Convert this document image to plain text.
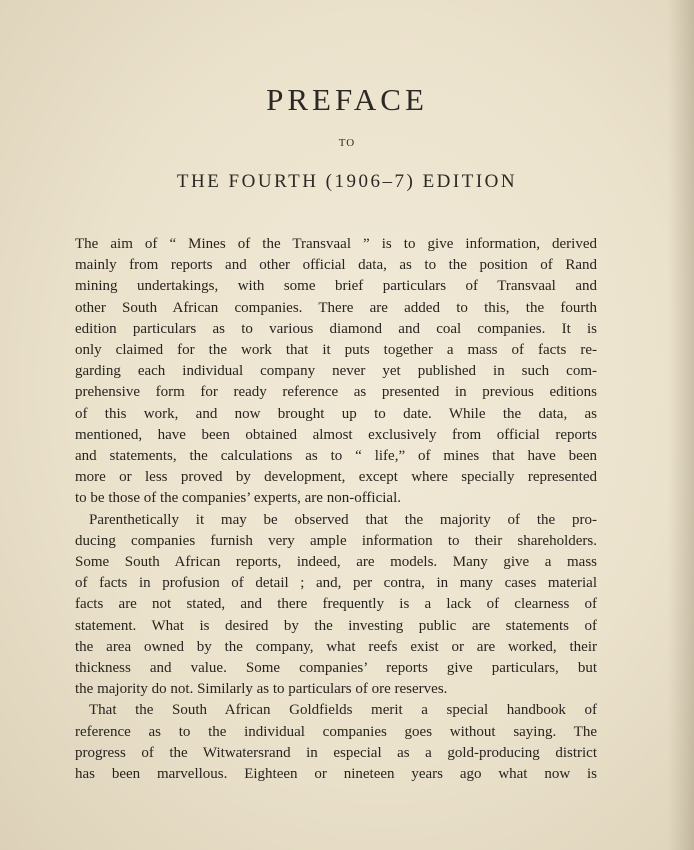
PREFACE
TO
THE FOURTH (1906–7) EDITION
The aim of “ Mines of the Transvaal ” is to give information, derived
mainly from reports and other official data, as to the position of Rand
mining undertakings, with some brief particulars of Transvaal and
other South African companies. There are added to this, the fourth
edition particulars as to various diamond and coal companies. It is
only claimed for the work that it puts together a mass of facts re-
garding each individual company never yet published in such com-
prehensive form for ready reference as presented in previous editions
of this work, and now brought up to date. While the data, as
mentioned, have been obtained almost exclusively from official reports
and statements, the calculations as to “ life,” of mines that have been
more or less proved by development, except where specially represented
to be those of the companies’ experts, are non-official.
Parenthetically it may be observed that the majority of the pro-
ducing companies furnish very ample information to their shareholders.
Some South African reports, indeed, are models. Many give a mass
of facts in profusion of detail ; and, per contra, in many cases material
facts are not stated, and there frequently is a lack of clearness of
statement. What is desired by the investing public are statements of
the area owned by the company, what reefs exist or are worked, their
thickness and value. Some companies’ reports give particulars, but
the majority do not. Similarly as to particulars of ore reserves.
That the South African Goldfields merit a special handbook of
reference as to the individual companies goes without saying. The
progress of the Witwatersrand in especial as a gold-producing district
has been marvellous. Eighteen or nineteen years ago what now is
